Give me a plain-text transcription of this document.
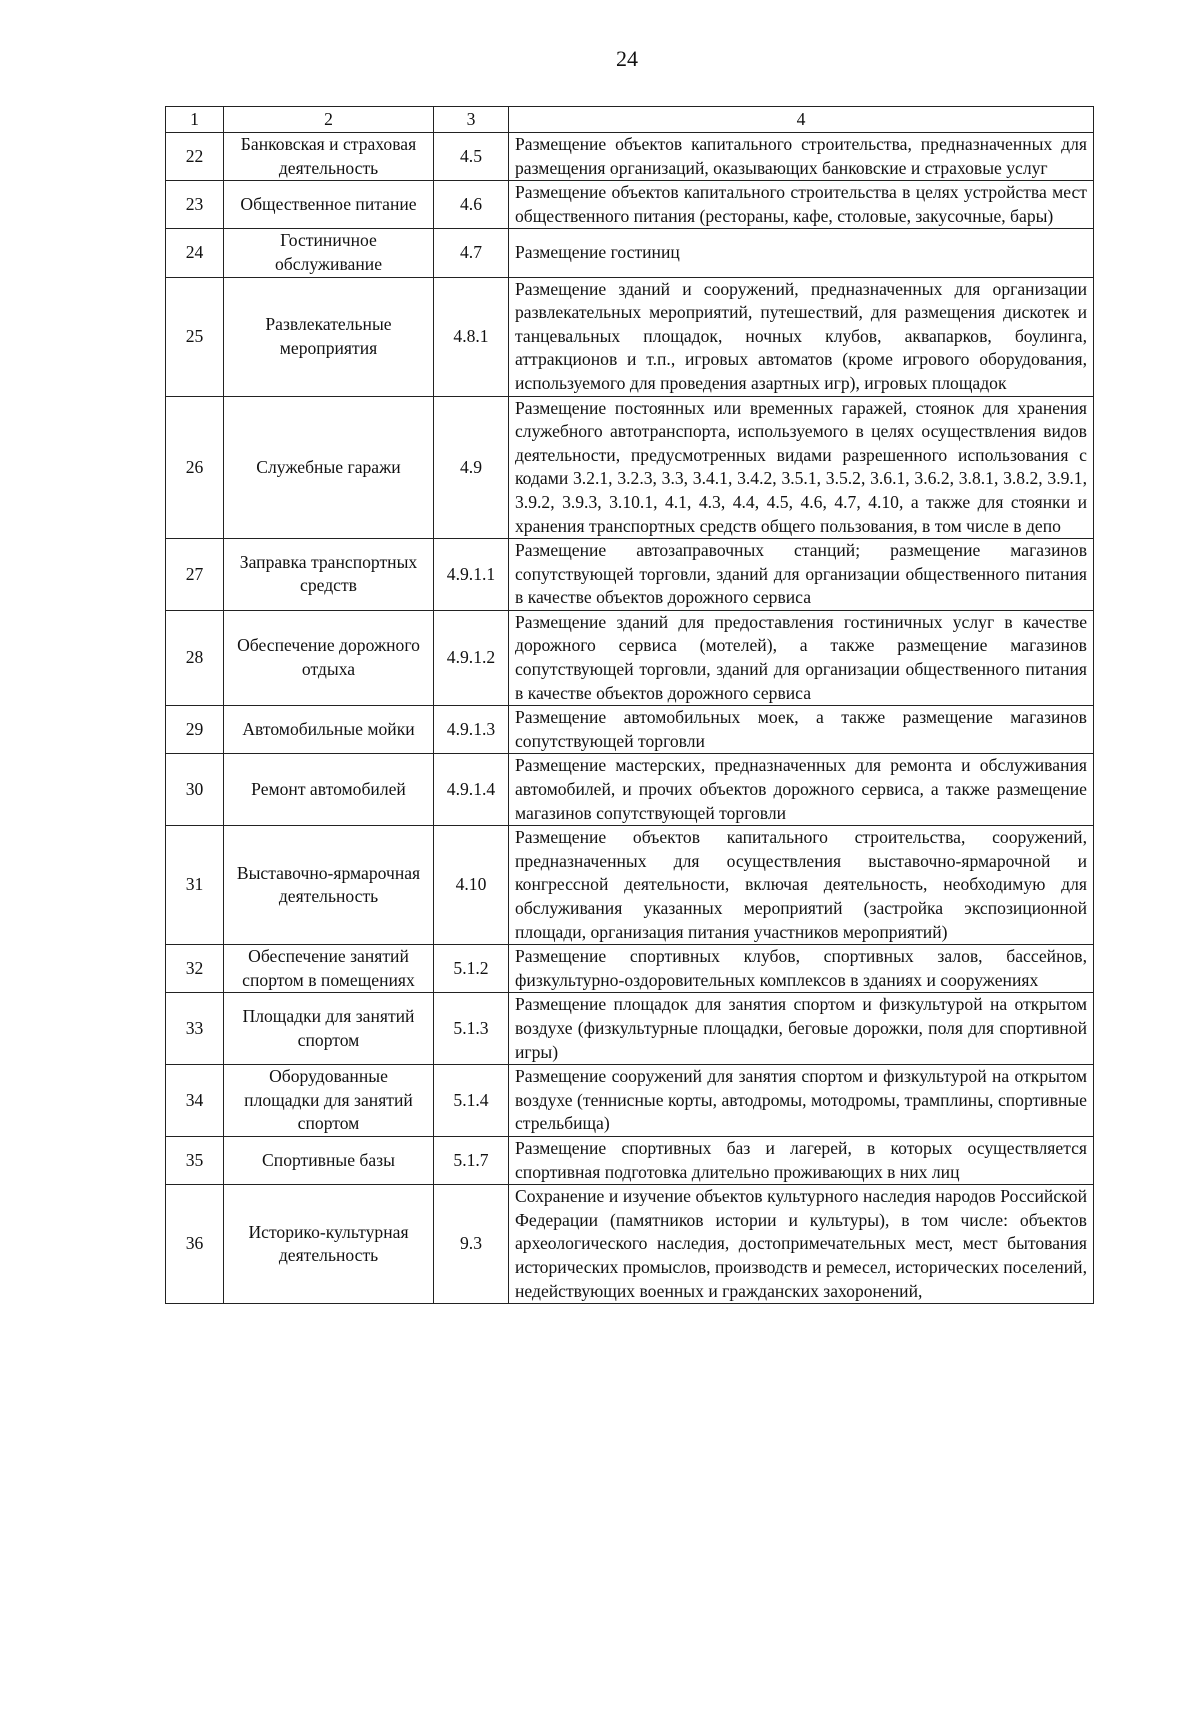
24
1	2	3	4
22	Банковская и страховая деятельность	4.5	Размещение объектов капитального строительства, предназначенных для размещения организаций, оказывающих банковские и страховые услуг
23	Общественное питание	4.6	Размещение объектов капитального строительства в целях устройства мест общественного питания (рестораны, кафе, столовые, закусочные, бары)
24	Гостиничное обслуживание	4.7	Размещение гостиниц
25	Развлекательные мероприятия	4.8.1	Размещение зданий и сооружений, предназначенных для организации развлекательных мероприятий, путешествий, для размещения дискотек и танцевальных площадок, ночных клубов, аквапарков, боулинга, аттракционов и т.п., игровых автоматов (кроме игрового оборудования, используемого для проведения азартных игр), игровых площадок
26	Служебные гаражи	4.9	Размещение постоянных или временных гаражей, стоянок для хранения служебного автотранспорта, используемого в целях осуществления видов деятельности, предусмотренных видами разрешенного использования с кодами 3.2.1, 3.2.3, 3.3, 3.4.1, 3.4.2, 3.5.1, 3.5.2, 3.6.1, 3.6.2, 3.8.1, 3.8.2, 3.9.1, 3.9.2, 3.9.3, 3.10.1, 4.1, 4.3, 4.4, 4.5, 4.6, 4.7, 4.10, а также для стоянки и хранения транспортных средств общего пользования, в том числе в депо
27	Заправка транспортных средств	4.9.1.1	Размещение автозаправочных станций; размещение магазинов сопутствующей торговли, зданий для организации общественного питания в качестве объектов дорожного сервиса
28	Обеспечение дорожного отдыха	4.9.1.2	Размещение зданий для предоставления гостиничных услуг в качестве дорожного сервиса (мотелей), а также размещение магазинов сопутствующей торговли, зданий для организации общественного питания в качестве объектов дорожного сервиса
29	Автомобильные мойки	4.9.1.3	Размещение автомобильных моек, а также размещение магазинов сопутствующей торговли
30	Ремонт автомобилей	4.9.1.4	Размещение мастерских, предназначенных для ремонта и обслуживания автомобилей, и прочих объектов дорожного сервиса, а также размещение магазинов сопутствующей торговли
31	Выставочно-ярмарочная деятельность	4.10	Размещение объектов капитального строительства, сооружений, предназначенных для осуществления выставочно-ярмарочной и конгрессной деятельности, включая деятельность, необходимую для обслуживания указанных мероприятий (застройка экспозиционной площади, организация питания участников мероприятий)
32	Обеспечение занятий спортом в помещениях	5.1.2	Размещение спортивных клубов, спортивных залов, бассейнов, физкультурно-оздоровительных комплексов в зданиях и сооружениях
33	Площадки для занятий спортом	5.1.3	Размещение площадок для занятия спортом и физкультурой на открытом воздухе (физкультурные площадки, беговые дорожки, поля для спортивной игры)
34	Оборудованные площадки для занятий спортом	5.1.4	Размещение сооружений для занятия спортом и физкультурой на открытом воздухе (теннисные корты, автодромы, мотодромы, трамплины, спортивные стрельбища)
35	Спортивные базы	5.1.7	Размещение спортивных баз и лагерей, в которых осуществляется спортивная подготовка длительно проживающих в них лиц
36	Историко-культурная деятельность	9.3	Сохранение и изучение объектов культурного наследия народов Российской Федерации (памятников истории и культуры), в том числе: объектов археологического наследия, достопримечательных мест, мест бытования исторических промыслов, производств и ремесел, исторических поселений, недействующих военных и гражданских захоронений,
